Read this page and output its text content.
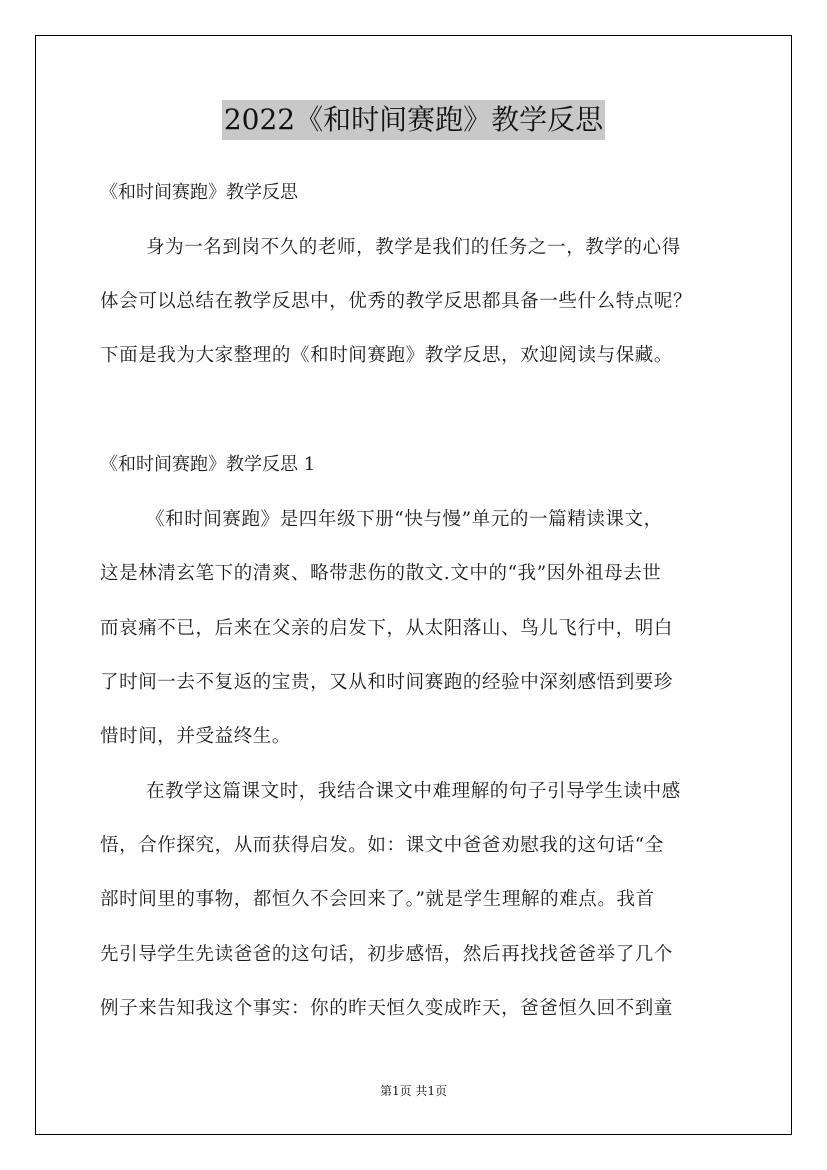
2022《和时间赛跑》教学反思
《和时间赛跑》教学反思
身为一名到岗不久的老师，教学是我们的任务之一，教学的心得
体会可以总结在教学反思中，优秀的教学反思都具备一些什么特点呢？
下面是我为大家整理的《和时间赛跑》教学反思，欢迎阅读与保藏。
《和时间赛跑》教学反思 1
《和时间赛跑》是四年级下册“快与慢”单元的一篇精读课文，
这是林清玄笔下的清爽、略带悲伤的散文.文中的“我”因外祖母去世
而哀痛不已，后来在父亲的启发下，从太阳落山、鸟儿飞行中，明白
了时间一去不复返的宝贵，又从和时间赛跑的经验中深刻感悟到要珍
惜时间，并受益终生。
在教学这篇课文时，我结合课文中难理解的句子引导学生读中感
悟，合作探究，从而获得启发。如：课文中爸爸劝慰我的这句话“全
部时间里的事物，都恒久不会回来了。”就是学生理解的难点。我首
先引导学生先读爸爸的这句话，初步感悟，然后再找找爸爸举了几个
例子来告知我这个事实：你的昨天恒久变成昨天，爸爸恒久回不到童
第1页 共1页
